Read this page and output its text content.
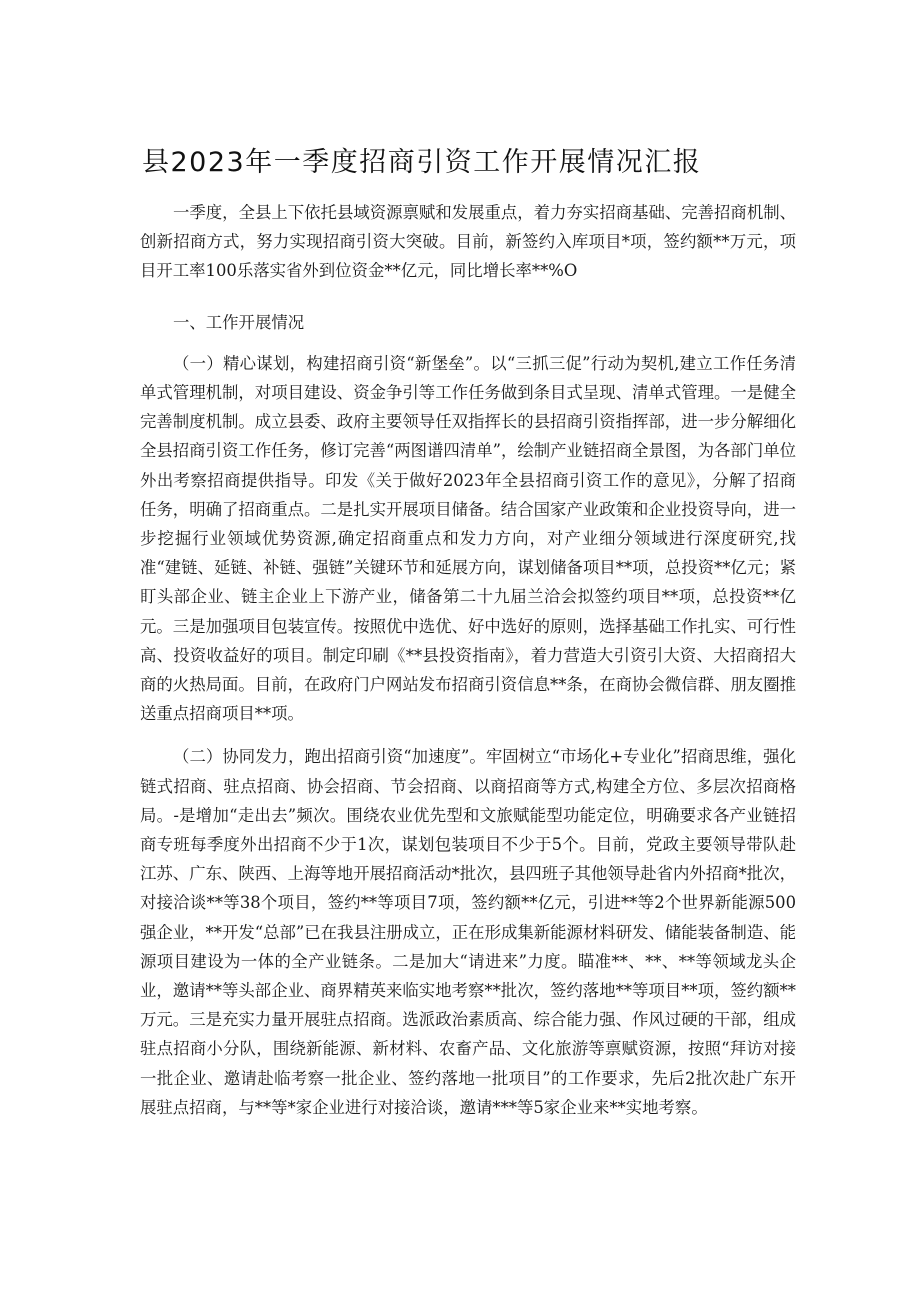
县2023年一季度招商引资工作开展情况汇报

一季度，全县上下依托县域资源禀赋和发展重点，着力夯实招商基础、完善招商机制、创新招商方式，努力实现招商引资大突破。目前，新签约入库项目*项，签约额**万元，项目开工率100乐落实省外到位资金**亿元，同比增长率**%O

一、工作开展情况

（一）精心谋划，构建招商引资“新堡垒”。以“三抓三促”行动为契机,建立工作任务清单式管理机制，对项目建设、资金争引等工作任务做到条目式呈现、清单式管理。一是健全完善制度机制。成立县委、政府主要领导任双指挥长的县招商引资指挥部，进一步分解细化全县招商引资工作任务，修订完善“两图谱四清单”，绘制产业链招商全景图，为各部门单位外出考察招商提供指导。印发《关于做好2023年全县招商引资工作的意见》，分解了招商任务，明确了招商重点。二是扎实开展项目储备。结合国家产业政策和企业投资导向，进一步挖掘行业领域优势资源,确定招商重点和发力方向，对产业细分领域进行深度研究,找准“建链、延链、补链、强链”关键环节和延展方向，谋划储备项目**项，总投资**亿元；紧盯头部企业、链主企业上下游产业，储备第二十九届兰洽会拟签约项目**项，总投资**亿元。三是加强项目包装宣传。按照优中选优、好中选好的原则，选择基础工作扎实、可行性高、投资收益好的项目。制定印刷《**县投资指南》，着力营造大引资引大资、大招商招大商的火热局面。目前，在政府门户网站发布招商引资信息**条，在商协会微信群、朋友圈推送重点招商项目**项。

（二）协同发力，跑出招商引资“加速度”。牢固树立“市场化+专业化”招商思维，强化链式招商、驻点招商、协会招商、节会招商、以商招商等方式,构建全方位、多层次招商格局。-是增加“走出去”频次。围绕农业优先型和文旅赋能型功能定位，明确要求各产业链招商专班每季度外出招商不少于1次，谋划包装项目不少于5个。目前，党政主要领导带队赴江苏、广东、陕西、上海等地开展招商活动*批次，县四班子其他领导赴省内外招商*批次，对接洽谈**等38个项目，签约**等项目7项，签约额**亿元，引进**等2个世界新能源500强企业，**开发“总部”已在我县注册成立，正在形成集新能源材料研发、储能装备制造、能源项目建设为一体的全产业链条。二是加大“请进来”力度。瞄准**、**、**等领域龙头企业，邀请**等头部企业、商界精英来临实地考察**批次，签约落地**等项目**项，签约额**万元。三是充实力量开展驻点招商。选派政治素质高、综合能力强、作风过硬的干部，组成驻点招商小分队，围绕新能源、新材料、农畜产品、文化旅游等禀赋资源，按照“拜访对接一批企业、邀请赴临考察一批企业、签约落地一批项目”的工作要求，先后2批次赴广东开展驻点招商，与**等*家企业进行对接洽谈，邀请***等5家企业来**实地考察。
